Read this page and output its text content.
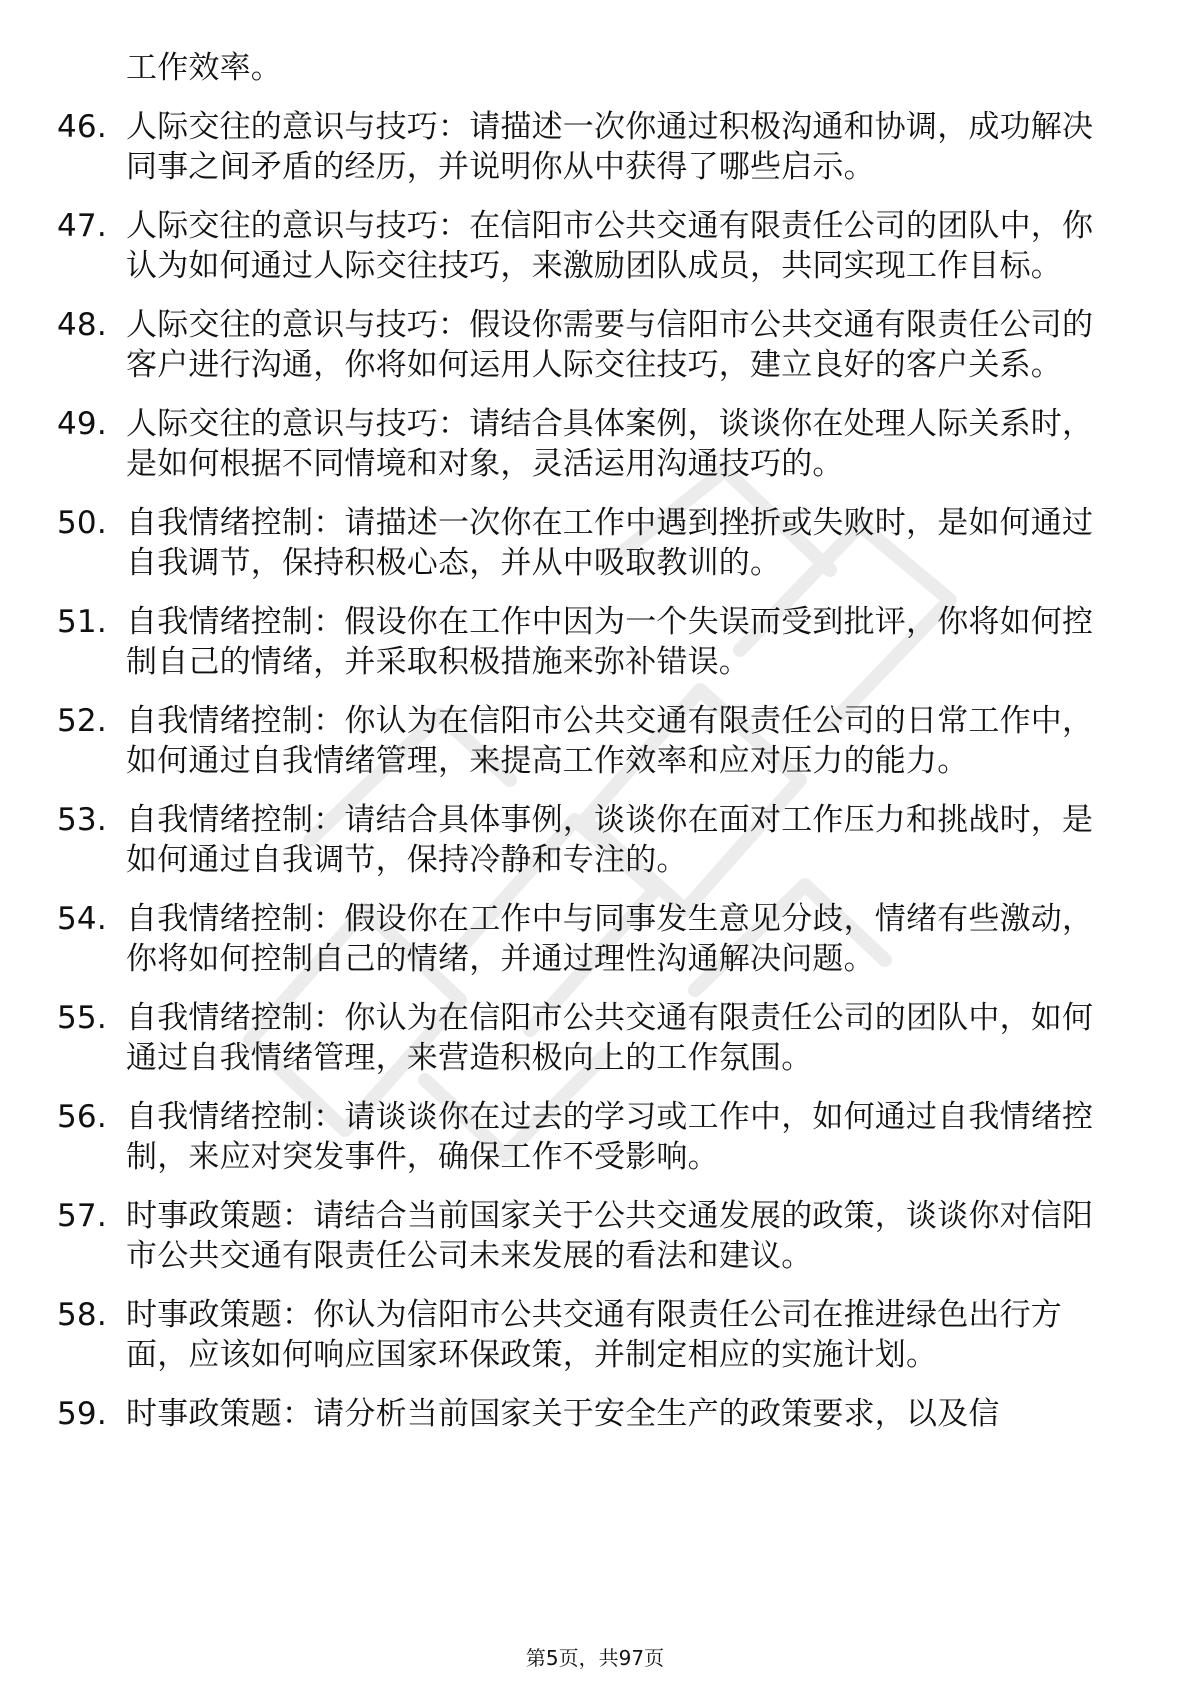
工作效率。
46. 人际交往的意识与技巧：请描述一次你通过积极沟通和协调，成功解决同事之间矛盾的经历，并说明你从中获得了哪些启示。
47. 人际交往的意识与技巧：在信阳市公共交通有限责任公司的团队中，你认为如何通过人际交往技巧，来激励团队成员，共同实现工作目标。
48. 人际交往的意识与技巧：假设你需要与信阳市公共交通有限责任公司的客户进行沟通，你将如何运用人际交往技巧，建立良好的客户关系。
49. 人际交往的意识与技巧：请结合具体案例，谈谈你在处理人际关系时，是如何根据不同情境和对象，灵活运用沟通技巧的。
50. 自我情绪控制：请描述一次你在工作中遇到挫折或失败时，是如何通过自我调节，保持积极心态，并从中吸取教训的。
51. 自我情绪控制：假设你在工作中因为一个失误而受到批评，你将如何控制自己的情绪，并采取积极措施来弥补错误。
52. 自我情绪控制：你认为在信阳市公共交通有限责任公司的日常工作中，如何通过自我情绪管理，来提高工作效率和应对压力的能力。
53. 自我情绪控制：请结合具体事例，谈谈你在面对工作压力和挑战时，是如何通过自我调节，保持冷静和专注的。
54. 自我情绪控制：假设你在工作中与同事发生意见分歧，情绪有些激动，你将如何控制自己的情绪，并通过理性沟通解决问题。
55. 自我情绪控制：你认为在信阳市公共交通有限责任公司的团队中，如何通过自我情绪管理，来营造积极向上的工作氛围。
56. 自我情绪控制：请谈谈你在过去的学习或工作中，如何通过自我情绪控制，来应对突发事件，确保工作不受影响。
57. 时事政策题：请结合当前国家关于公共交通发展的政策，谈谈你对信阳市公共交通有限责任公司未来发展的看法和建议。
58. 时事政策题：你认为信阳市公共交通有限责任公司在推进绿色出行方面，应该如何响应国家环保政策，并制定相应的实施计划。
59. 时事政策题：请分析当前国家关于安全生产的政策要求，以及信
第5页，共97页
